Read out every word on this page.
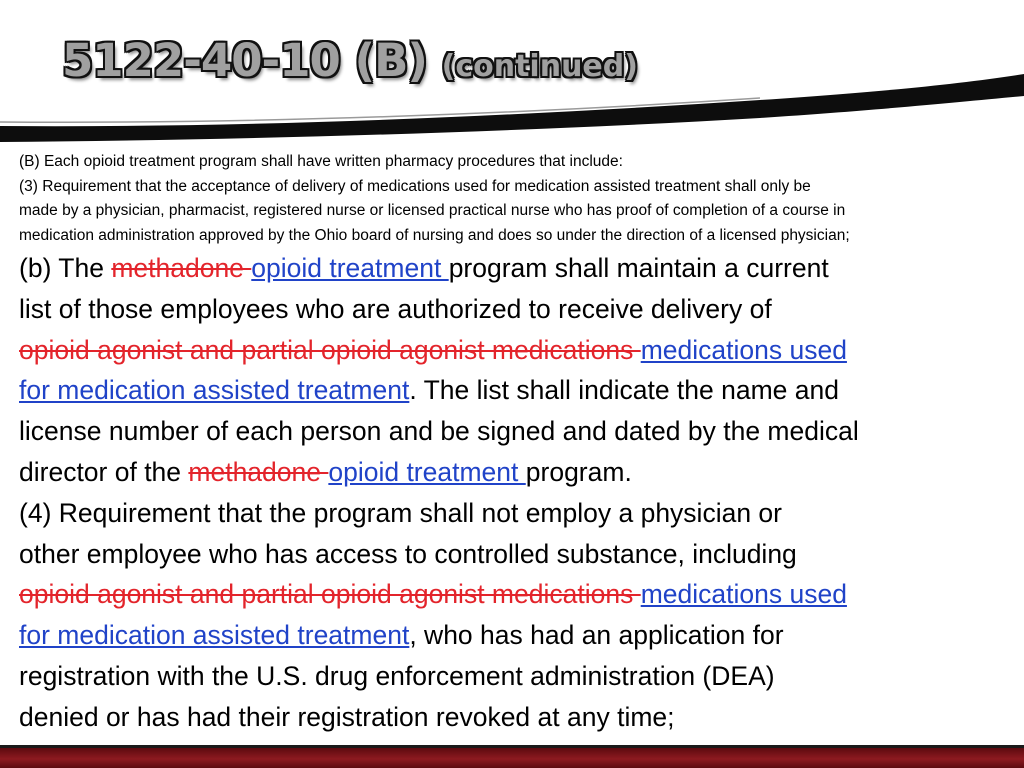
5122-40-10 (B) (continued)

(B) Each opioid treatment program shall have written pharmacy procedures that include:

(3) Requirement that the acceptance of delivery of medications used for medication assisted treatment shall only be

made by a physician, pharmacist, registered nurse or licensed practical nurse who has proof of completion of a course in

medication administration approved by the Ohio board of nursing and does so under the direction of a licensed physician;

(b) The methadone opioid treatment program shall maintain a current

list of those employees who are authorized to receive delivery of

opioid agonist and partial opioid agonist medications medications used

for medication assisted treatment. The list shall indicate the name and

license number of each person and be signed and dated by the medical

director of the methadone opioid treatment program.

(4) Requirement that the program shall not employ a physician or

other employee who has access to controlled substance, including

opioid agonist and partial opioid agonist medications medications used

for medication assisted treatment, who has had an application for

registration with the U.S. drug enforcement administration (DEA)

denied or has had their registration revoked at any time;
